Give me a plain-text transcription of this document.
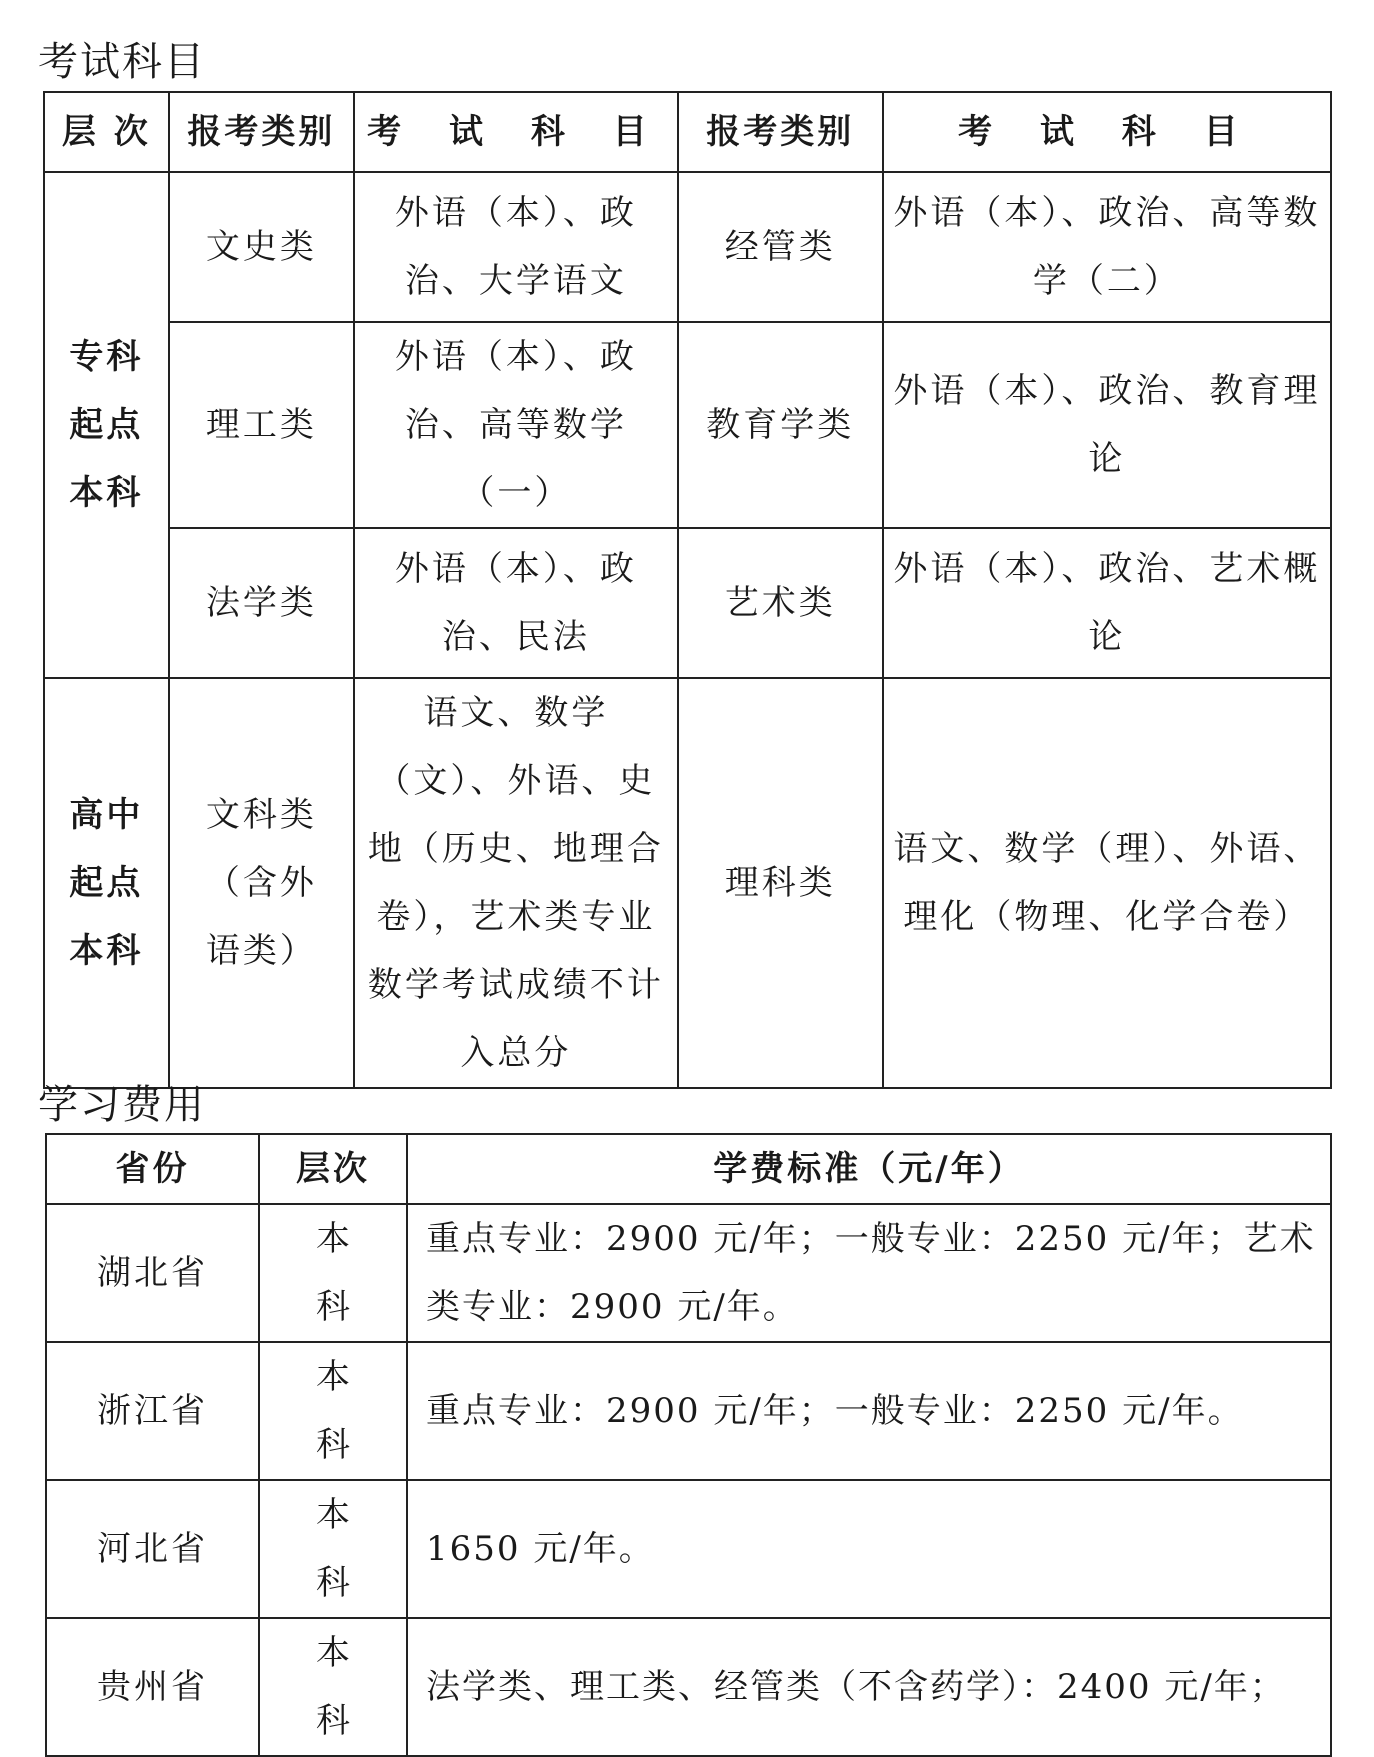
考试科目
层 次	报考类别	考 试 科 目	报考类别	考 试 科 目

专科
起点
本科	文史类	外语（本）、政治、大学语文	经管类	外语（本）、政治、高等数学（二）
	理工类	外语（本）、政治、高等数学（一）	教育学类	外语（本）、政治、教育理论
	法学类	外语（本）、政治、民法	艺术类	外语（本）、政治、艺术概论

高中
起点
本科	文科类（含外语类）	语文、数学（文）、外语、史地（历史、地理合卷），艺术类专业数学考试成绩不计入总分	理科类	语文、数学（理）、外语、理化（物理、化学合卷）
学习费用
省份	层次	学费标准（元/年）
湖北省	本科	重点专业：2900 元/年；一般专业：2250 元/年；艺术类专业：2900 元/年。
浙江省	本科	重点专业：2900 元/年；一般专业：2250 元/年。
河北省	本科	1650 元/年。
贵州省	本科	法学类、理工类、经管类（不含药学）：2400 元/年；
